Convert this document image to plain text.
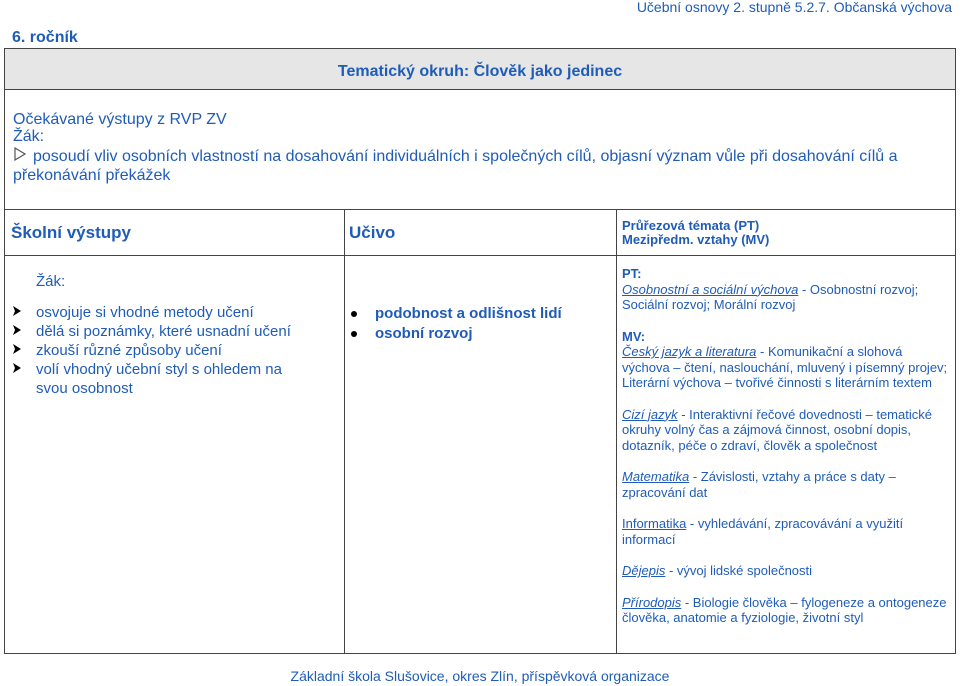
Učební osnovy 2. stupně 5.2.7. Občanská výchova
6. ročník
Tematický okruh: Člověk jako jedinec
Očekávané výstupy z RVP ZV
Žák:
posoudí vliv osobních vlastností na dosahování individuálních i společných cílů, objasní význam vůle při dosahování cílů a překonávání překážek
Školní výstupy	Učivo	Průřezová témata (PT)
Mezipředm. vztahy (MV)
Žák:
osvojuje si vhodné metody učení
dělá si poznámky, které usnadní učení
zkouší různé způsoby učení
volí vhodný učební styl s ohledem na svou osobnost
podobnost a odlišnost lidí
osobní rozvoj
PT:
Osobnostní a sociální výchova - Osobnostní rozvoj; Sociální rozvoj; Morální rozvoj
MV:
Český jazyk a literatura - Komunikační a slohová výchova – čtení, naslouchání, mluvený i písemný projev; Literární výchova – tvořivé činnosti s literárním textem
Cizí jazyk - Interaktivní řečové dovednosti – tematické okruhy volný čas a zájmová činnost, osobní dopis, dotazník, péče o zdraví, člověk a společnost
Matematika - Závislosti, vztahy a práce s daty – zpracování dat
Informatika - vyhledávání, zpracovávání a využití informací
Dějepis - vývoj lidské společnosti
Přírodopis - Biologie člověka – fylogeneze a ontogeneze člověka, anatomie a fyziologie, životní styl
Základní škola Slušovice, okres Zlín, příspěvková organizace
